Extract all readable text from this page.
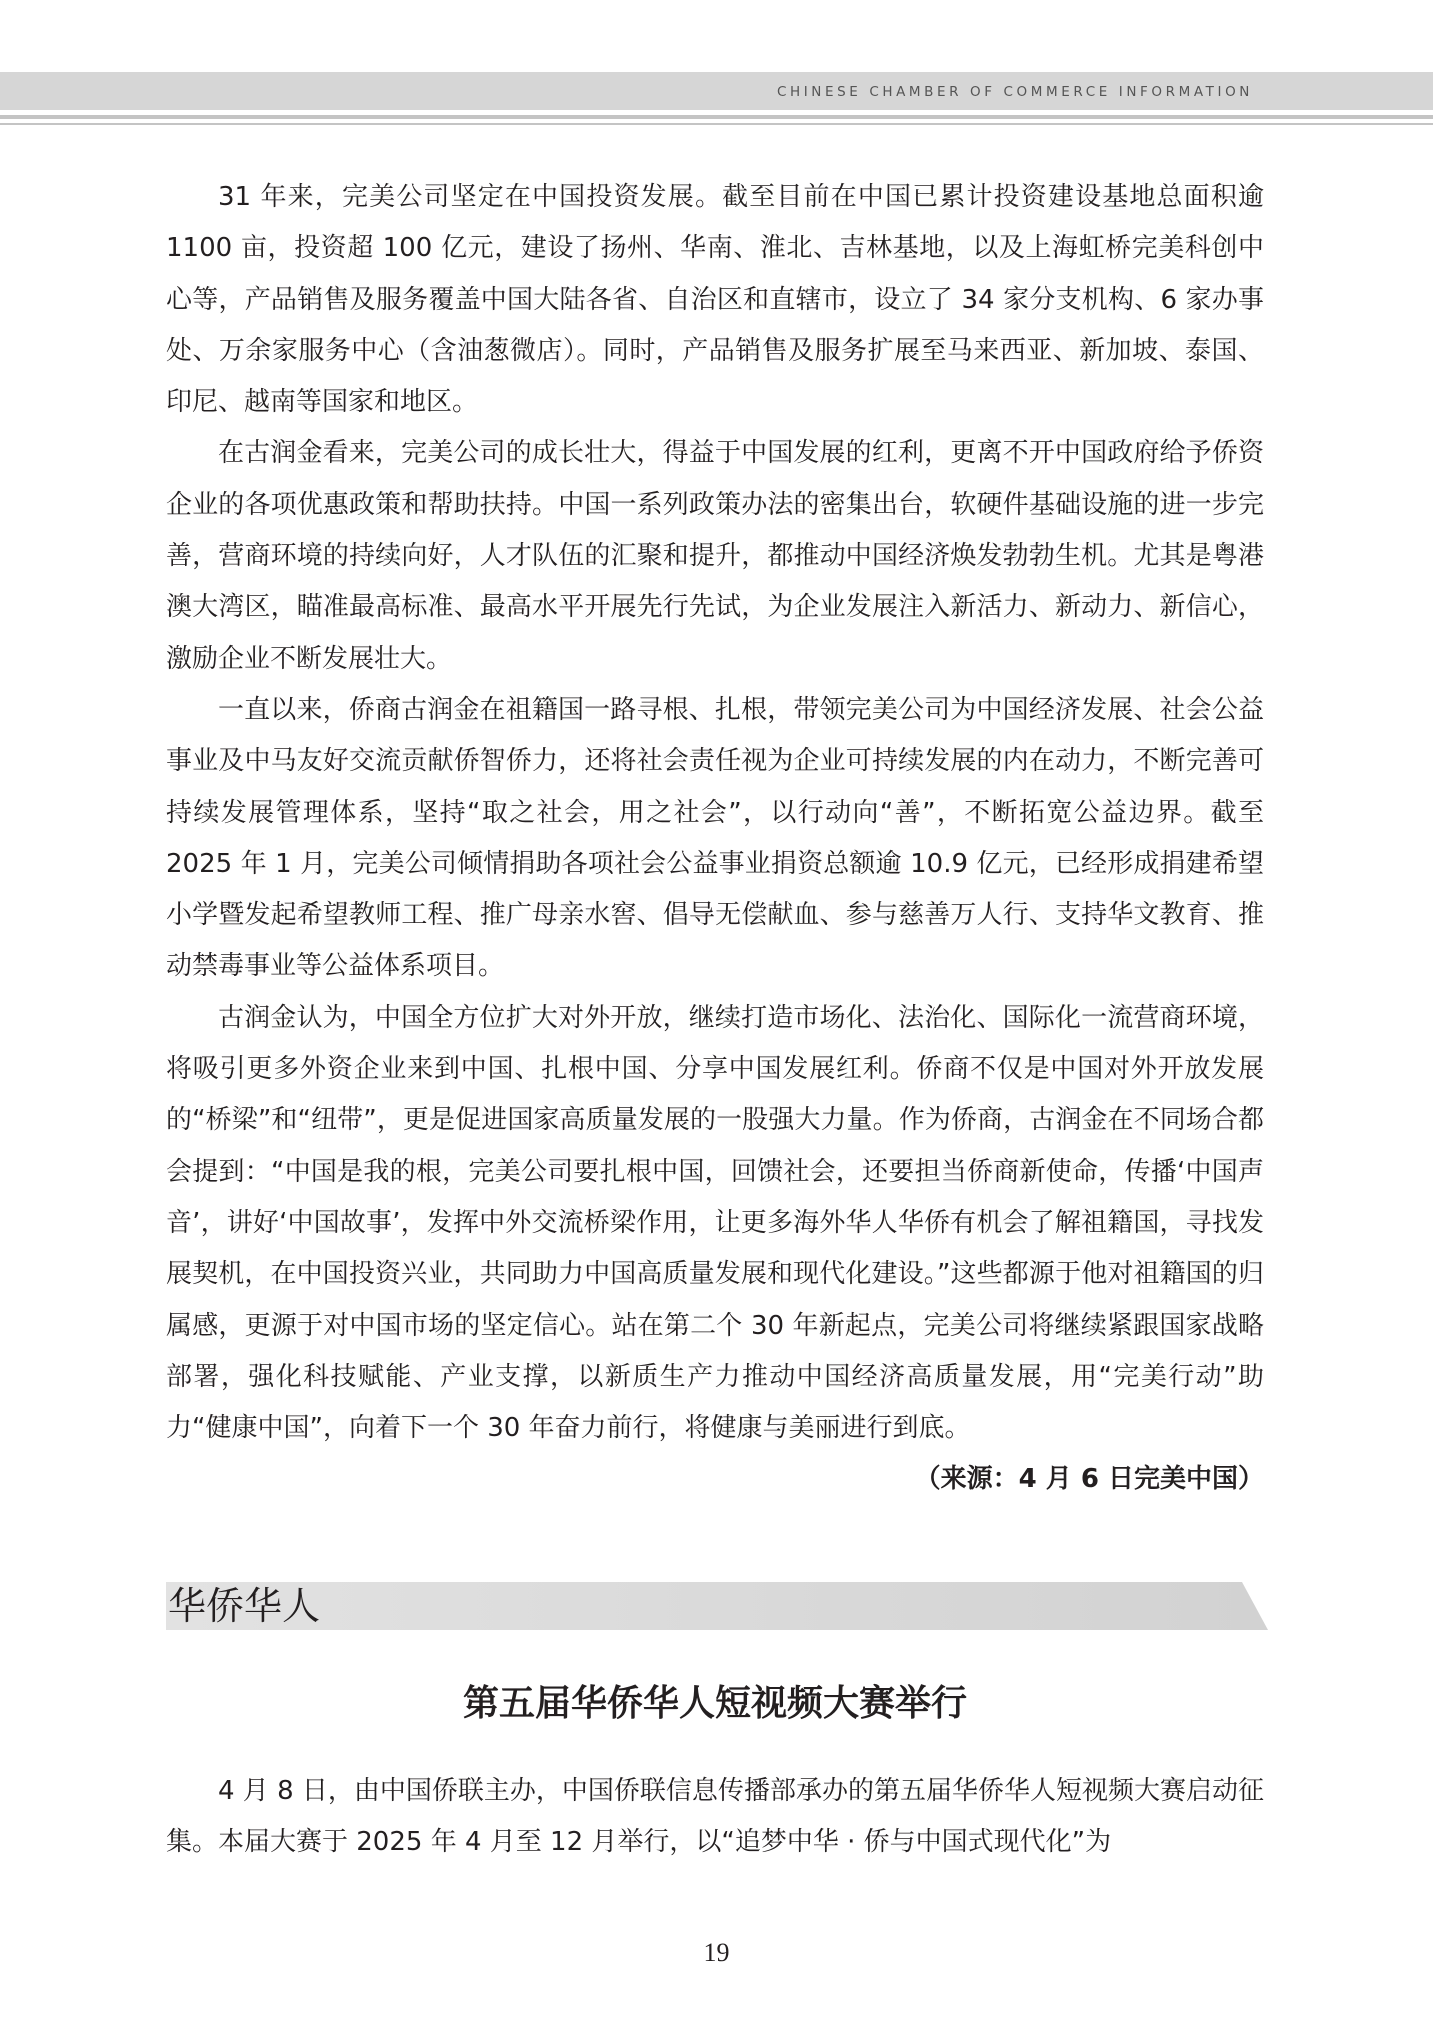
CHINESE CHAMBER OF COMMERCE INFORMATION

31 年来，完美公司坚定在中国投资发展。截至目前在中国已累计投资建设基地总面积逾 1100 亩，投资超 100 亿元，建设了扬州、华南、淮北、吉林基地，以及上海虹桥完美科创中心等，产品销售及服务覆盖中国大陆各省、自治区和直辖市，设立了 34 家分支机构、6 家办事处、万余家服务中心（含油葱微店）。同时，产品销售及服务扩展至马来西亚、新加坡、泰国、印尼、越南等国家和地区。

在古润金看来，完美公司的成长壮大，得益于中国发展的红利，更离不开中国政府给予侨资企业的各项优惠政策和帮助扶持。中国一系列政策办法的密集出台，软硬件基础设施的进一步完善，营商环境的持续向好，人才队伍的汇聚和提升，都推动中国经济焕发勃勃生机。尤其是粤港澳大湾区，瞄准最高标准、最高水平开展先行先试，为企业发展注入新活力、新动力、新信心，激励企业不断发展壮大。

一直以来，侨商古润金在祖籍国一路寻根、扎根，带领完美公司为中国经济发展、社会公益事业及中马友好交流贡献侨智侨力，还将社会责任视为企业可持续发展的内在动力，不断完善可持续发展管理体系，坚持“取之社会，用之社会”，以行动向“善”，不断拓宽公益边界。截至 2025 年 1 月，完美公司倾情捐助各项社会公益事业捐资总额逾 10.9 亿元，已经形成捐建希望小学暨发起希望教师工程、推广母亲水窖、倡导无偿献血、参与慈善万人行、支持华文教育、推动禁毒事业等公益体系项目。

古润金认为，中国全方位扩大对外开放，继续打造市场化、法治化、国际化一流营商环境，将吸引更多外资企业来到中国、扎根中国、分享中国发展红利。侨商不仅是中国对外开放发展的“桥梁”和“纽带”，更是促进国家高质量发展的一股强大力量。作为侨商，古润金在不同场合都会提到：“中国是我的根，完美公司要扎根中国，回馈社会，还要担当侨商新使命，传播‘中国声音’，讲好‘中国故事’，发挥中外交流桥梁作用，让更多海外华人华侨有机会了解祖籍国，寻找发展契机，在中国投资兴业，共同助力中国高质量发展和现代化建设。”这些都源于他对祖籍国的归属感，更源于对中国市场的坚定信心。站在第二个 30 年新起点，完美公司将继续紧跟国家战略部署，强化科技赋能、产业支撑，以新质生产力推动中国经济高质量发展，用“完美行动”助力“健康中国”，向着下一个 30 年奋力前行，将健康与美丽进行到底。
（来源：4 月 6 日完美中国）

华侨华人
第五届华侨华人短视频大赛举行

4 月 8 日，由中国侨联主办，中国侨联信息传播部承办的第五届华侨华人短视频大赛启动征集。本届大赛于 2025 年 4 月至 12 月举行，以“追梦中华 · 侨与中国式现代化”为

19
